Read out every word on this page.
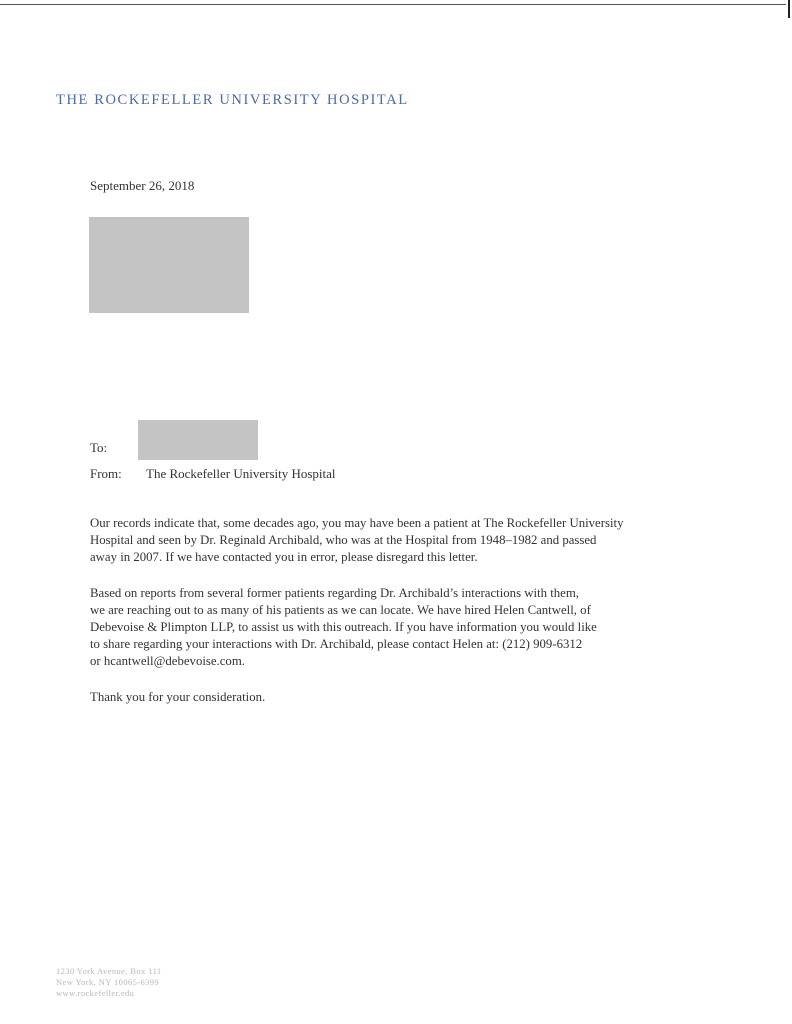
THE ROCKEFELLER UNIVERSITY HOSPITAL
September 26, 2018
To:
From: The Rockefeller University Hospital

Our records indicate that, some decades ago, you may have been a patient at The Rockefeller University
Hospital and seen by Dr. Reginald Archibald, who was at the Hospital from 1948–1982 and passed
away in 2007. If we have contacted you in error, please disregard this letter.

Based on reports from several former patients regarding Dr. Archibald’s interactions with them,
we are reaching out to as many of his patients as we can locate. We have hired Helen Cantwell, of
Debevoise & Plimpton LLP, to assist us with this outreach. If you have information you would like
to share regarding your interactions with Dr. Archibald, please contact Helen at: (212) 909-6312
or hcantwell@debevoise.com.

Thank you for your consideration.

1230 York Avenue, Box 111
New York, NY 10065-6399
www.rockefeller.edu
